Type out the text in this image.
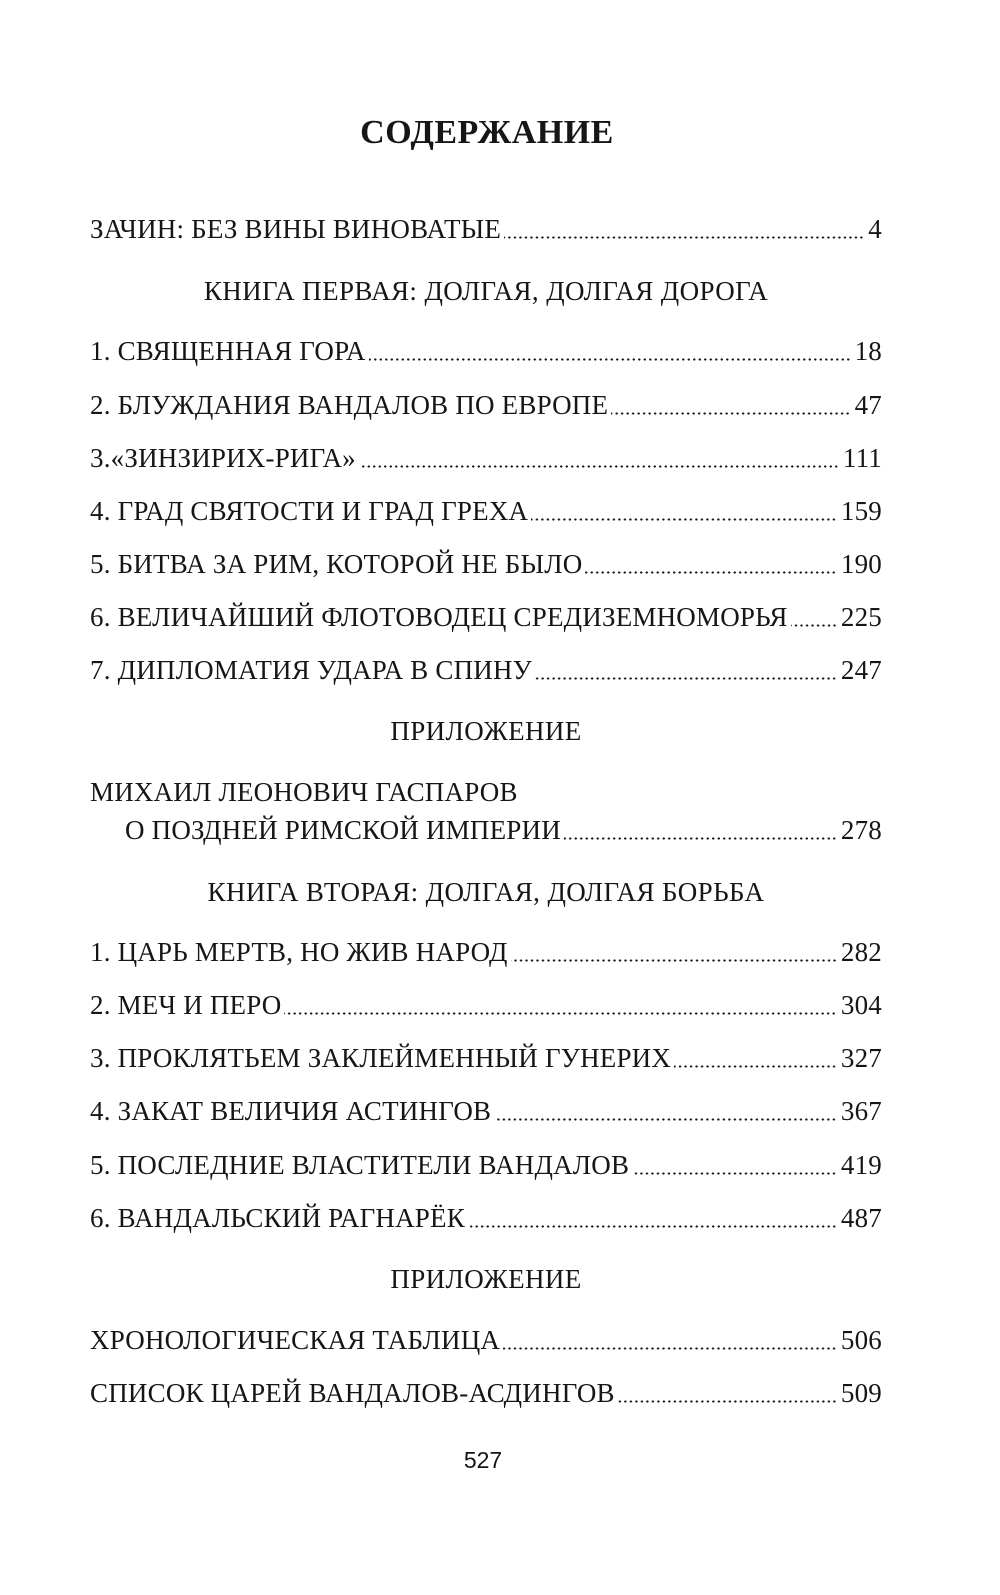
СОДЕРЖАНИЕ
ЗАЧИН: БЕЗ ВИНЫ ВИНОВАТЫЕ	4
КНИГА ПЕРВАЯ: ДОЛГАЯ, ДОЛГАЯ ДОРОГА
1. СВЯЩЕННАЯ ГОРА	18
2. БЛУЖДАНИЯ ВАНДАЛОВ ПО ЕВРОПЕ	47
3.«ЗИНЗИРИХ-РИГА»	111
4. ГРАД СВЯТОСТИ И ГРАД ГРЕХА	159
5. БИТВА ЗА РИМ, КОТОРОЙ НЕ БЫЛО	190
6. ВЕЛИЧАЙШИЙ ФЛОТОВОДЕЦ СРЕДИЗЕМНОМОРЬЯ 225
7. ДИПЛОМАТИЯ УДАРА В СПИНУ	247
ПРИЛОЖЕНИЕ
МИХАИЛ ЛЕОНОВИЧ ГАСПАРОВ
О ПОЗДНЕЙ РИМСКОЙ ИМПЕРИИ	278
КНИГА ВТОРАЯ: ДОЛГАЯ, ДОЛГАЯ БОРЬБА
1. ЦАРЬ МЕРТВ, НО ЖИВ НАРОД	282
2. МЕЧ И ПЕРО	304
3. ПРОКЛЯТЬЕМ ЗАКЛЕЙМЕННЫЙ ГУНЕРИХ	327
4. ЗАКАТ ВЕЛИЧИЯ АСТИНГОВ	367
5. ПОСЛЕДНИЕ ВЛАСТИТЕЛИ ВАНДАЛОВ	419
6. ВАНДАЛЬСКИЙ РАГНАРЁК	487
ПРИЛОЖЕНИЕ
ХРОНОЛОГИЧЕСКАЯ ТАБЛИЦА	506
СПИСОК ЦАРЕЙ ВАНДАЛОВ-АСДИНГОВ	509
527
